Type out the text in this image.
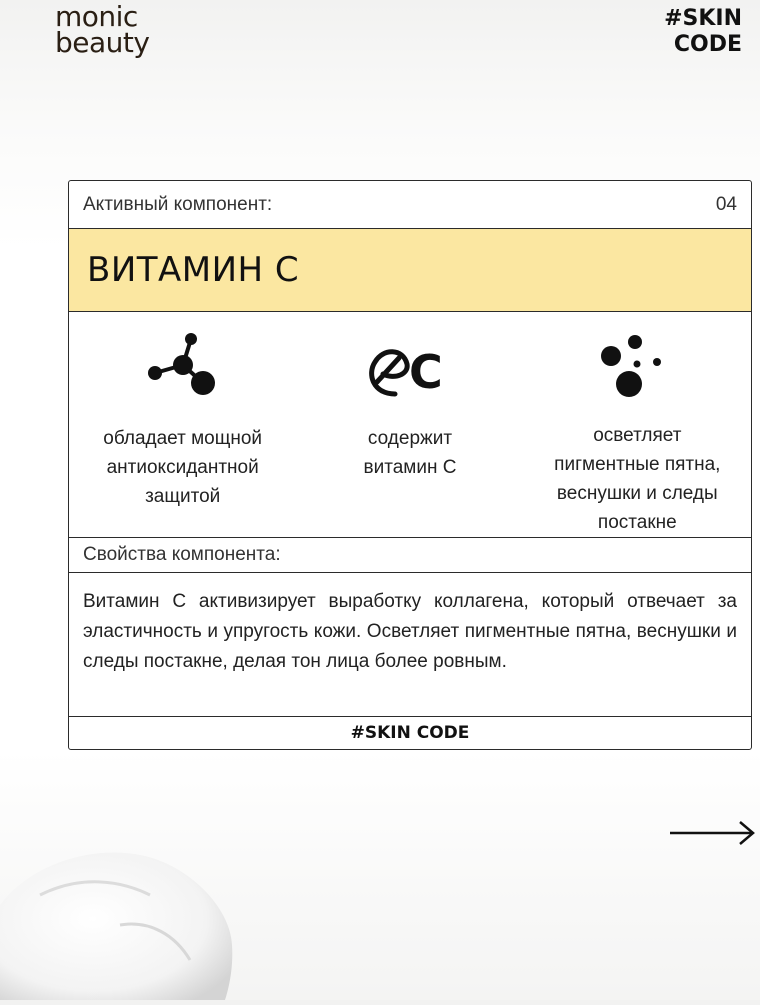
monic
beauty
#SKIN
CODE
Активный компонент:	04
ВИТАМИН С

обладает мощной
антиоксидантной
защитой

C

содержит
витамин С

осветляет
пигментные пятна,
веснушки и следы
постакне

Свойства компонента:
Витамин С активизирует выработку коллагена, который отвечает за эластичность и упругость кожи. Осветляет пигментные пятна, веснушки и следы постакне, делая тон лица более ровным.
#SKIN CODE
